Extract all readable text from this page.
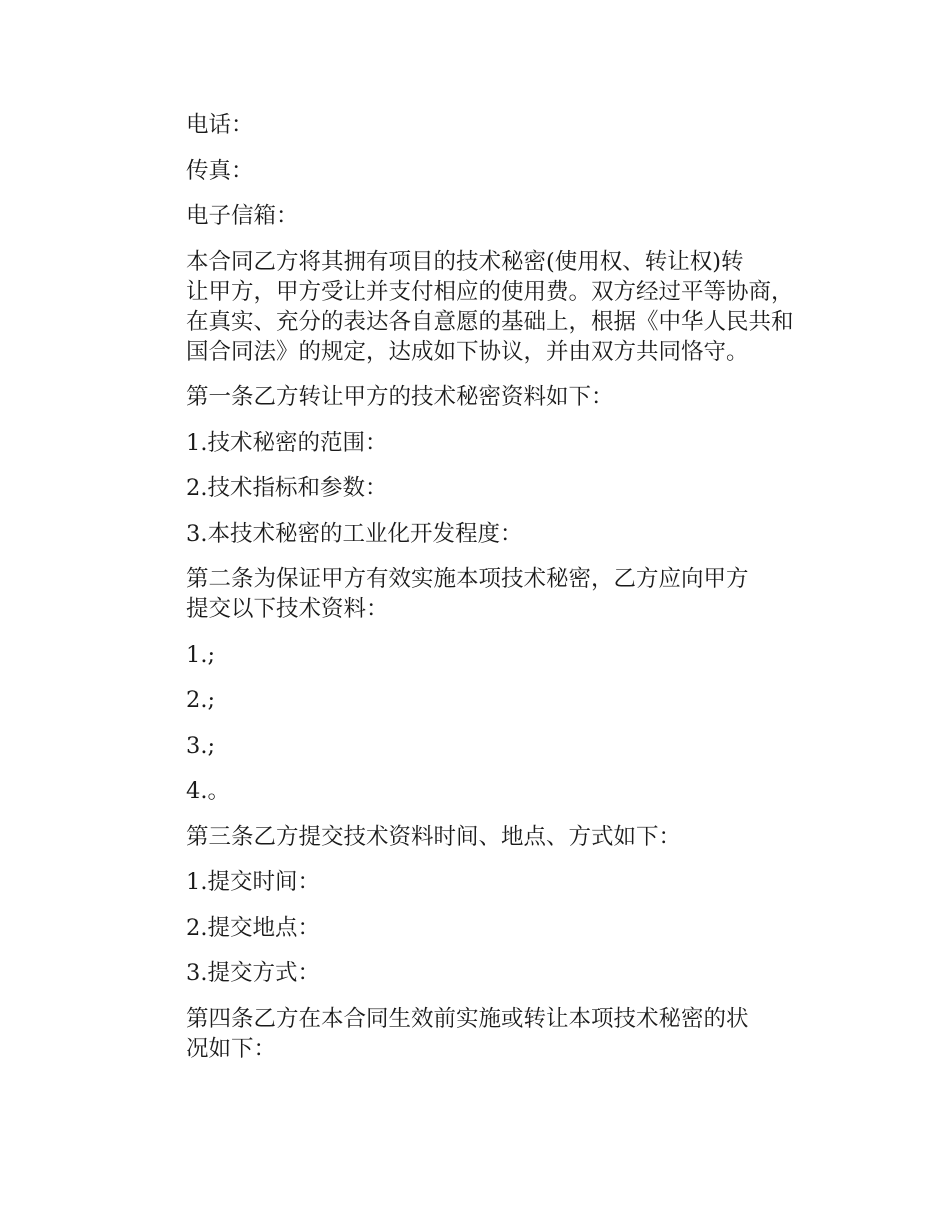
电话：

传真：

电子信箱：

本合同乙方将其拥有项目的技术秘密(使用权、转让权)转
让甲方，甲方受让并支付相应的使用费。双方经过平等协商，
在真实、充分的表达各自意愿的基础上，根据《中华人民共和
国合同法》的规定，达成如下协议，并由双方共同恪守。

第一条乙方转让甲方的技术秘密资料如下：

1.技术秘密的范围：

2.技术指标和参数：

3.本技术秘密的工业化开发程度：

第二条为保证甲方有效实施本项技术秘密，乙方应向甲方
提交以下技术资料：

1.;

2.;

3.;

4.。

第三条乙方提交技术资料时间、地点、方式如下：

1.提交时间：

2.提交地点：

3.提交方式：

第四条乙方在本合同生效前实施或转让本项技术秘密的状
况如下：
